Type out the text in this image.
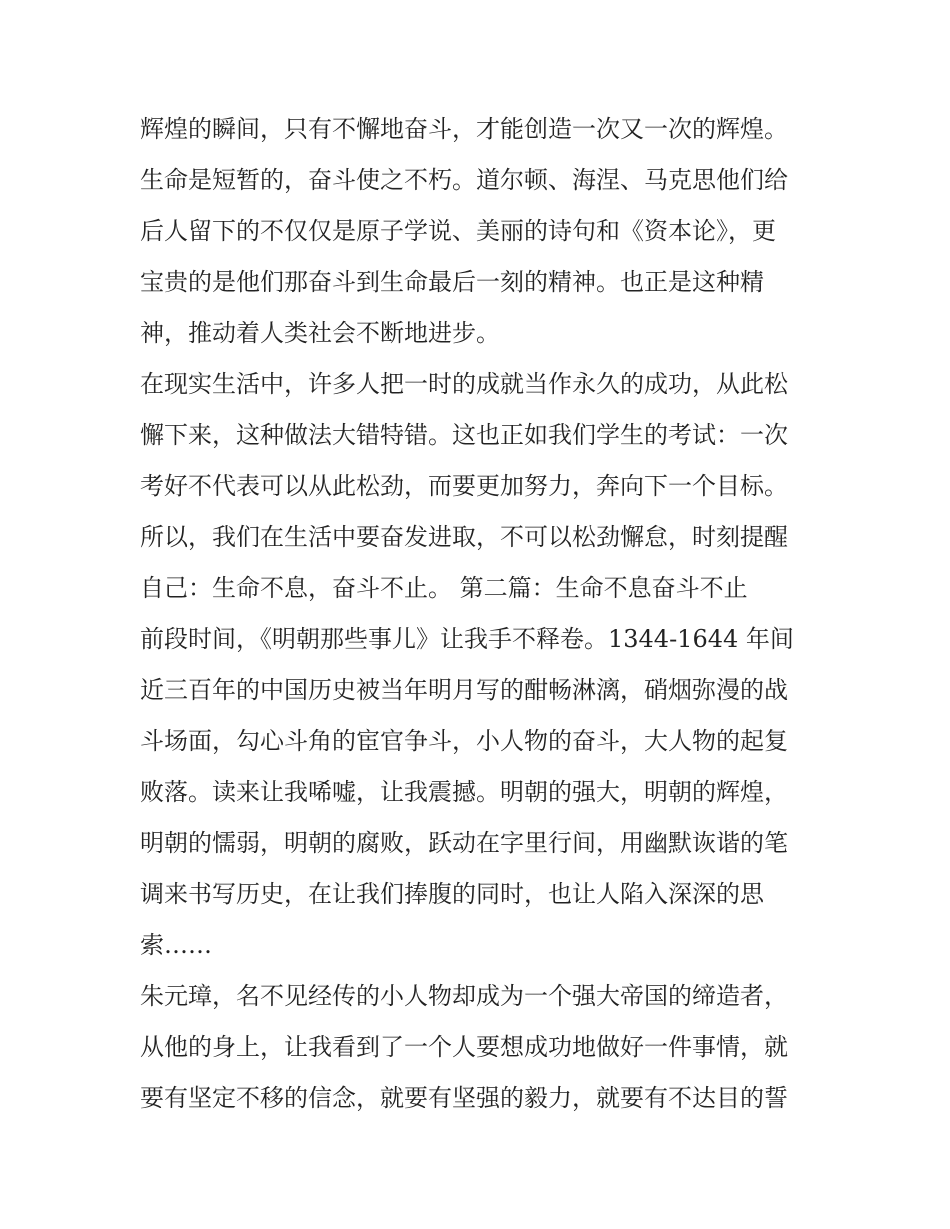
辉煌的瞬间，只有不懈地奋斗，才能创造一次又一次的辉煌。
生命是短暂的，奋斗使之不朽。道尔顿、海涅、马克思他们给
后人留下的不仅仅是原子学说、美丽的诗句和《资本论》，更
宝贵的是他们那奋斗到生命最后一刻的精神。也正是这种精
神，推动着人类社会不断地进步。
在现实生活中，许多人把一时的成就当作永久的成功，从此松
懈下来，这种做法大错特错。这也正如我们学生的考试：一次
考好不代表可以从此松劲，而要更加努力，奔向下一个目标。
所以，我们在生活中要奋发进取，不可以松劲懈怠，时刻提醒
自己：生命不息，奋斗不止。 第二篇：生命不息奋斗不止
前段时间，《明朝那些事儿》让我手不释卷。1344-1644 年间
近三百年的中国历史被当年明月写的酣畅淋漓，硝烟弥漫的战
斗场面，勾心斗角的宦官争斗，小人物的奋斗，大人物的起复
败落。读来让我唏嘘，让我震撼。明朝的强大，明朝的辉煌，
明朝的懦弱，明朝的腐败，跃动在字里行间，用幽默诙谐的笔
调来书写历史，在让我们捧腹的同时，也让人陷入深深的思
索……
朱元璋，名不见经传的小人物却成为一个强大帝国的缔造者，
从他的身上，让我看到了一个人要想成功地做好一件事情，就
要有坚定不移的信念，就要有坚强的毅力，就要有不达目的誓
